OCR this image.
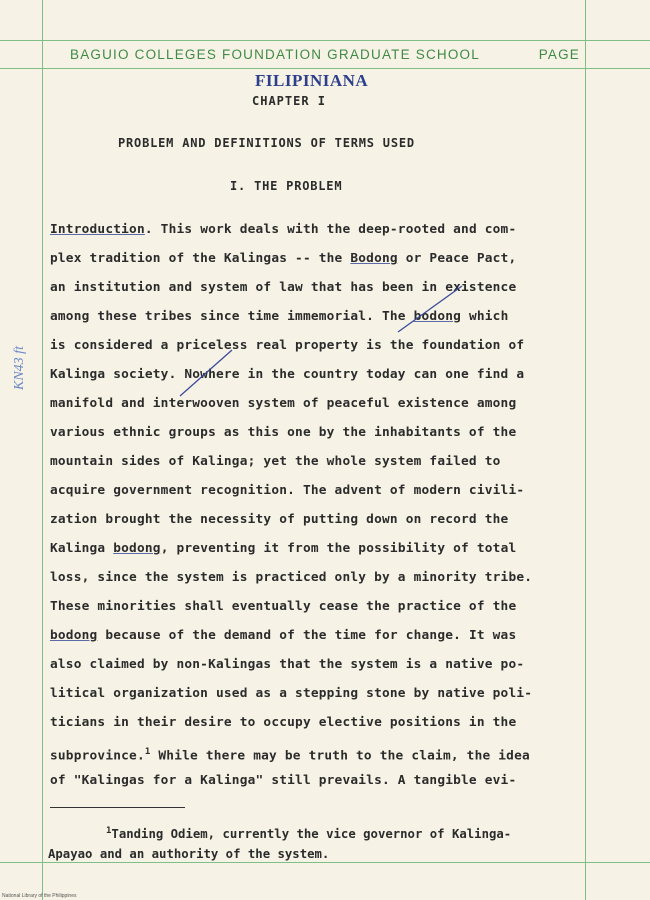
BAGUIO COLLEGES FOUNDATION GRADUATE SCHOOL	PAGE
FILIPINIANA
CHAPTER I
PROBLEM AND DEFINITIONS OF TERMS USED
I. THE PROBLEM
Introduction. This work deals with the deep-rooted and com-
plex tradition of the Kalingas -- the Bodong or Peace Pact,
an institution and system of law that has been in existence
among these tribes since time immemorial. The bodong which
is considered a priceless real property is the foundation of
Kalinga society. Nowhere in the country today can one find a
manifold and interwooven system of peaceful existence among
various ethnic groups as this one by the inhabitants of the
mountain sides of Kalinga; yet the whole system failed to
acquire government recognition. The advent of modern civili-
zation brought the necessity of putting down on record the
Kalinga bodong, preventing it from the possibility of total
loss, since the system is practiced only by a minority tribe.
These minorities shall eventually cease the practice of the
bodong because of the demand of the time for change. It was
also claimed by non-Kalingas that the system is a native po-
litical organization used as a stepping stone by native poli-
ticians in their desire to occupy elective positions in the
subprovince.$^1$ While there may be truth to the claim, the idea
of "Kalingas for a Kalinga" still prevails. A tangible evi-
$^1$Tanding Odiem, currently the vice governor of Kalinga-
Apayao and an authority of the system.
KN43 ft
National Library of the Philippines
